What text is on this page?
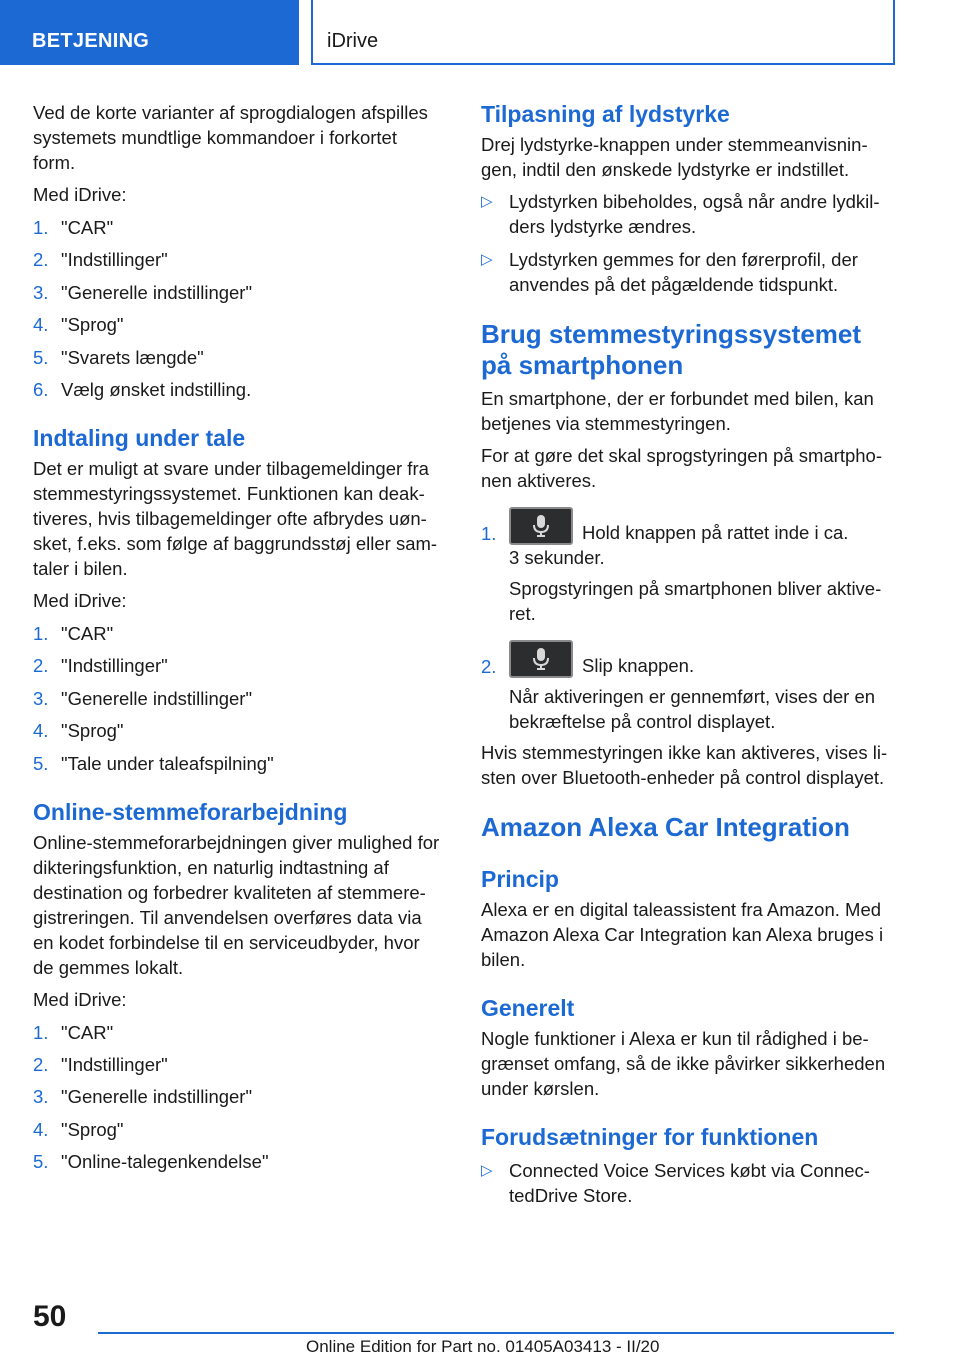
BETJENING	iDrive

Ved de korte varianter af sprogdialogen afspilles systemets mundtlige kommandoer i forkortet form.

Med iDrive:

1. "CAR"
2. "Indstillinger"
3. "Generelle indstillinger"
4. "Sprog"
5. "Svarets længde"
6. Vælg ønsket indstilling.
Indtaling under tale

Det er muligt at svare under tilbagemeldinger fra stemmestyringssystemet. Funktionen kan deaktiveres, hvis tilbagemeldinger ofte afbrydes uønsket, f.eks. som følge af baggrundsstøj eller samtaler i bilen.

Med iDrive:

1. "CAR"
2. "Indstillinger"
3. "Generelle indstillinger"
4. "Sprog"
5. "Tale under taleafspilning"
Online-stemmeforarbejdning

Online-stemmeforarbejdningen giver mulighed for dikteringsfunktion, en naturlig indtastning af destination og forbedrer kvaliteten af stemmeregistreringen. Til anvendelsen overføres data via en kodet forbindelse til en serviceudbyder, hvor de gemmes lokalt.

Med iDrive:

1. "CAR"
2. "Indstillinger"
3. "Generelle indstillinger"
4. "Sprog"
5. "Online-talegenkendelse"
Tilpasning af lydstyrke

Drej lydstyrke-knappen under stemmeanvisningen, indtil den ønskede lydstyrke er indstillet.

▷ Lydstyrken bibeholdes, også når andre lydkilders lydstyrke ændres.
▷ Lydstyrken gemmes for den førerprofil, der anvendes på det pågældende tidspunkt.
Brug stemmestyringssystemet på smartphonen

En smartphone, der er forbundet med bilen, kan betjenes via stemmestyringen.

For at gøre det skal sprogstyringen på smartphonen aktiveres.

1.	Hold knappen på rattet inde i ca.
3 sekunder.
Sprogstyringen på smartphonen bliver aktiveret.
2.	Slip knappen.
Når aktiveringen er gennemført, vises der en bekræftelse på control displayet.

Hvis stemmestyringen ikke kan aktiveres, vises listen over Bluetooth-enheder på control displayet.

Amazon Alexa Car Integration
Princip

Alexa er en digital taleassistent fra Amazon. Med Amazon Alexa Car Integration kan Alexa bruges i bilen.

Generelt

Nogle funktioner i Alexa er kun til rådighed i begrænset omfang, så de ikke påvirker sikkerheden under kørslen.

Forudsætninger for funktionen
▷ Connected Voice Services købt via ConnectedDrive Store.
50
Online Edition for Part no. 01405A03413 - II/20
